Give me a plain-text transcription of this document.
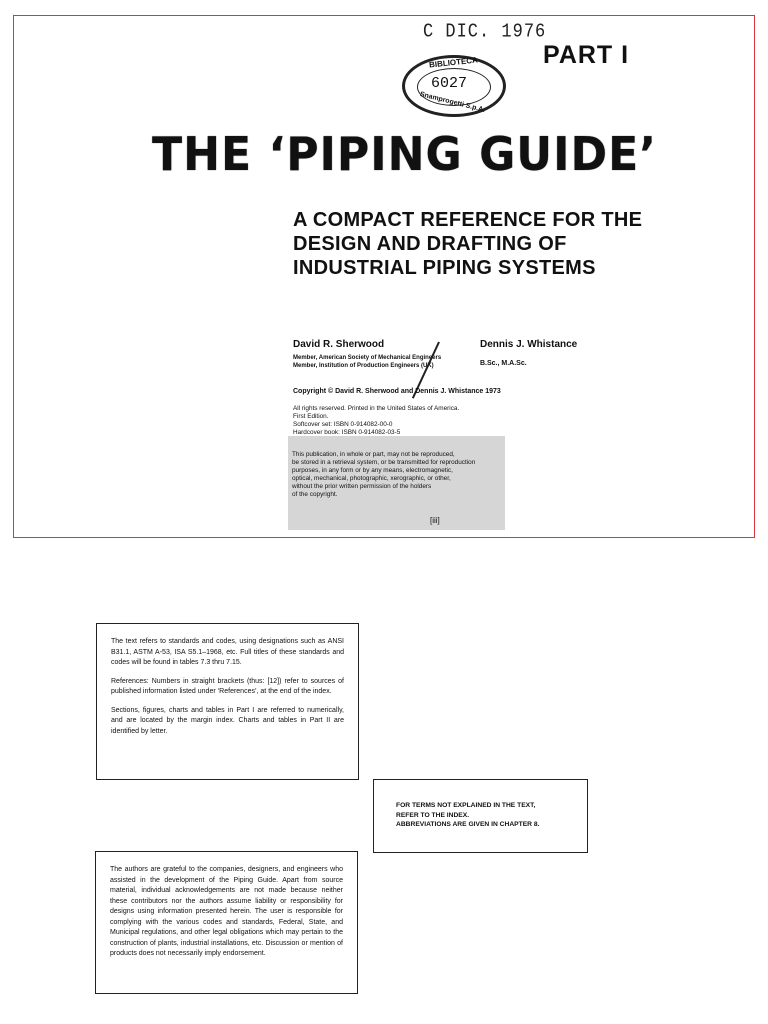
C DIC. 1976
BIBLIOTECA
6027
Snamprogetti S.p.A.
PART I
THE ‘PIPING GUIDE’
A COMPACT REFERENCE FOR THE
DESIGN AND DRAFTING OF
INDUSTRIAL PIPING SYSTEMS
David R. Sherwood
Member, American Society of Mechanical Engineers
Member, Institution of Production Engineers (UK)
Dennis J. Whistance
B.Sc., M.A.Sc.
Copyright © David R. Sherwood and Dennis J. Whistance 1973
All rights reserved. Printed in the United States of America.
First Edition.
Softcover set: ISBN 0-914082-00-0
Hardcover book: ISBN 0-914082-03-5
This publication, in whole or part, may not be reproduced,
be stored in a retrieval system, or be transmitted for reproduction
purposes, in any form or by any means, electromagnetic,
optical, mechanical, photographic, xerographic, or other,
without the prior written permission of the holders
of the copyright.
[iii]

The text refers to standards and codes, using designations such as ANSI B31.1, ASTM A-53, ISA S5.1–1968, etc. Full titles of these standards and codes will be found in tables 7.3 thru 7.15.

References: Numbers in straight brackets (thus: [12]) refer to sources of published information listed under ‘References’, at the end of the index.

Sections, figures, charts and tables in Part I are referred to numerically, and are located by the margin index. Charts and tables in Part II are identified by letter.

FOR TERMS NOT EXPLAINED IN THE TEXT,
REFER TO THE INDEX.
ABBREVIATIONS ARE GIVEN IN CHAPTER 8.

The authors are grateful to the companies, designers, and engineers who assisted in the development of the Piping Guide. Apart from source material, individual acknowledgements are not made because neither these contributors nor the authors assume liability or responsibility for designs using information presented herein. The user is responsible for complying with the various codes and standards, Federal, State, and Municipal regulations, and other legal obligations which may pertain to the construction of plants, industrial installations, etc. Discussion or mention of products does not necessarily imply endorsement.
